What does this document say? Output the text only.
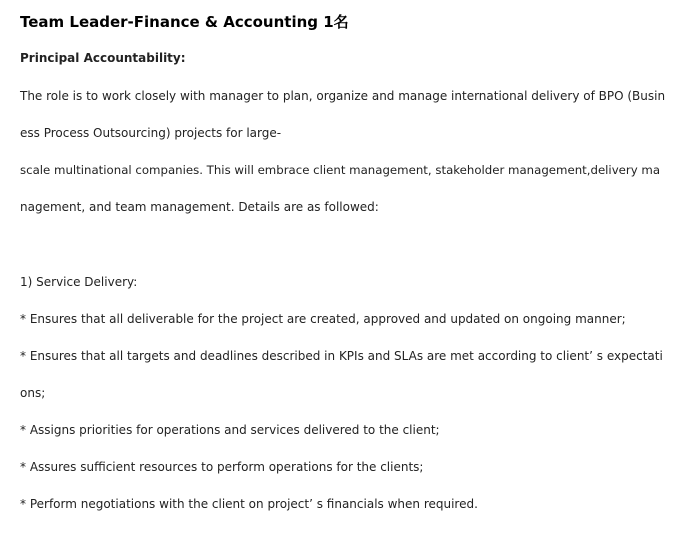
Team Leader-Finance & Accounting 1名
Principal Accountability:
The role is to work closely with manager to plan, organize and manage international delivery of BPO (Busin
ess Process Outsourcing) projects for large-
scale multinational companies. This will embrace client management, stakeholder management,delivery ma
nagement, and team management. Details are as followed:
1) Service Delivery:
* Ensures that all deliverable for the project are created, approved and updated on ongoing manner;
* Ensures that all targets and deadlines described in KPIs and SLAs are met according to client’ s expectati
ons;
* Assigns priorities for operations and services delivered to the client;
* Assures sufficient resources to perform operations for the clients;
* Perform negotiations with the client on project’ s financials when required.
